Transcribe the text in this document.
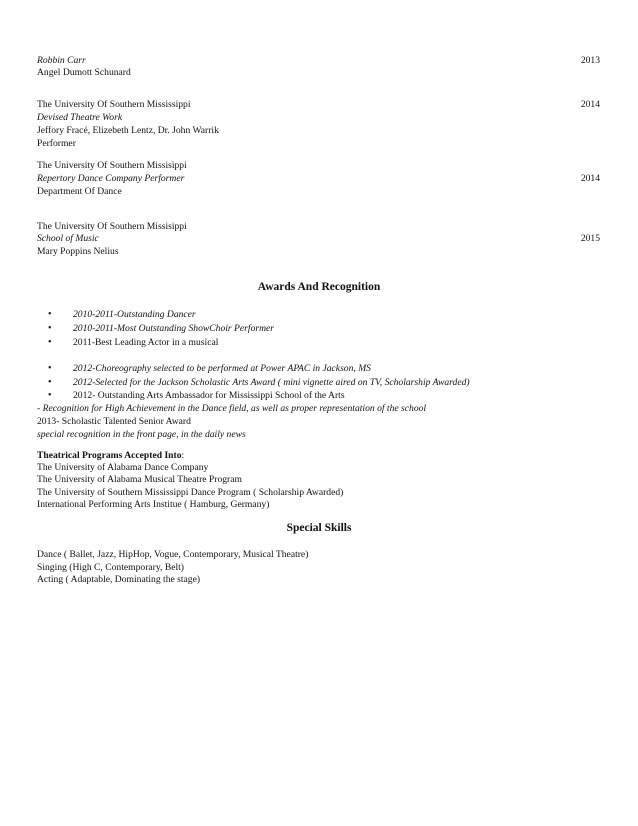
Robbin Carr	2013
Angel Dumott Schunard
The University Of Southern Mississippi	2014
Devised Theatre Work
Jeffory Fracé, Elizebeth Lentz, Dr. John Warrik
Performer
The University Of Southern Missisippi
Repertory Dance Company Performer	2014
Department Of Dance
The University Of Southern Missisippi
School of Music	2015
Mary Poppins Nelius
Awards And Recognition
• 2010-2011-Outstanding Dancer
• 2010-2011-Most Outstanding ShowChoir Performer
• 2011-Best Leading Actor in a musical
• 2012-Choreography selected to be performed at Power APAC in Jackson, MS
• 2012-Selected for the Jackson Scholastic Arts Award ( mini vignette aired on TV, Scholarship Awarded)
• 2012- Outstanding Arts Ambassador for Mississippi School of the Arts
- Recognition for High Achievement in the Dance field, as well as proper representation of the school
2013- Scholastic Talented Senior Award
special recognition in the front page, in the daily news
Theatrical Programs Accepted Into:
The University of Alabama Dance Company
The University of Alabama Musical Theatre Program
The University of Southern Mississippi Dance Program ( Scholarship Awarded)
International Performing Arts Institue ( Hamburg, Germany)
Special Skills
Dance ( Ballet, Jazz, HipHop, Vogue, Contemporary, Musical Theatre)
Singing (High C, Contemporary, Belt)
Acting ( Adaptable, Dominating the stage)
